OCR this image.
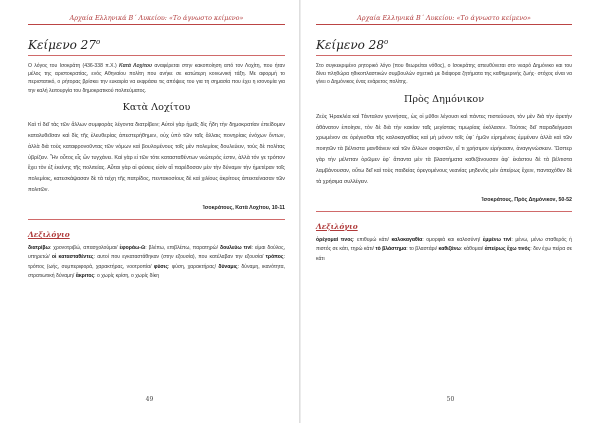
Αρχαία Ελληνικά Β΄ Λυκείου: «Το άγνωστο κείμενο»
Κείμενο $27^o$
Ο λόγος του Ισοκράτη (436-338 π.Χ.) Κατά Λοχίτου αναφέρεται στην κακοποίηση από τον Λοχίτη, που ήταν μέλος της αριστοκρατίας, ενός Αθηναίου πολίτη που ανήκε σε κατώτερη κοινωνική τάξη. Με αφορμή το περιστατικό, ο ρήτορας βρίσκει την ευκαιρία να εκφράσει τις απόψεις του για τη σημασία που έχει η ισονομία για την καλή λειτουργία του δημοκρατικού πολιτεύματος.
Κατὰ Λοχίτου
Καὶ τί δεῖ τὰς τῶν ἄλλων συμφορὰς λέγοντα διατρίβειν; Αὐτοὶ γὰρ ἡμεῖς δὶς ἤδη τὴν δημοκρατίαν ἐπείδομεν καταλυθεῖσαν καὶ δὶς τῆς ἐλευθερίας ἀπεστερήθημεν, οὐχ ὑπὸ τῶν ταῖς ἄλλαις πονηρίαις ἐνόχων ὄντων, ἀλλὰ διὰ τοὺς καταφρονοῦντας τῶν νόμων καὶ βουλομένους τοῖς μὲν πολεμίοις δουλεύειν, τοὺς δὲ πολίτας ὑβρίζειν. Ἦν οὗτος εἷς ὢν τυγχάνει. Καὶ γὰρ εἰ τῶν τότε κατασταθέντων νεώτερός ἐστιν, ἀλλὰ τόν γε τρόπον ἔχει τὸν ἐξ ἐκείνης τῆς πολιτείας. Αὗται γὰρ αἱ φύσεις εἰσὶν αἳ παρέδοσαν μὲν τὴν δύναμιν τὴν ἡμετέραν τοῖς πολεμίοις, κατεσκάψασαν δὲ τὰ τείχη τῆς πατρίδος, πεντακοσίους δὲ καὶ χιλίους ἀκρίτους ἀπεκτείνασαν τῶν πολιτῶν.
Ἰσοκράτους, Κατὰ Λοχίτου, 10-11
Λεξιλόγιο
διατρίβω: χρονοτριβώ, απασχολούμαι/ ἐφοράω-ῶ: βλέπω, επιβλέπω, παρατηρώ/ δουλεύω τινί: είμαι δούλος, υπηρετώ/ οἱ κατασταθέντες: αυτοί που εγκαταστάθηκαν (στην εξουσία), που κατέλαβαν την εξουσία/ τρόπος: τρόπος (ωής, συμπεριφορά, χαρακτήρας, νοοτροπία/ φύσις: φύση, χαρακτήρας/ δύναμις: δύναμη, ικανότητα, στρατιωτική δύναμη/ ἄκριτος: ο χωρίς κρίση, ο χωρίς δίκη
49
Αρχαία Ελληνικά Β΄ Λυκείου: «Το άγνωστο κείμενο»
Κείμενο $28^o$
Στο συγκεκριμένο ρητορικό λόγο (που θεωρείται νόθος), ο Ισοκράτης απευθύνεται στο νεαρό Δημόνικο και του δίνει πληθώρα ηθικοπλαστικών συμβουλών σχετικά με διάφορα ζητήματα της καθημερινής ζωής· στόχος είναι να γίνει ο Δημόνικος ένας ενάρετος πολίτης.
Πρὸς Δημόνικον
Ζεὺς Ἡρακλέα καὶ Τάνταλον γεννήσας, ὡς οἱ μῦθοι λέγουσι καὶ πάντες πιστεύουσι, τὸν μὲν διὰ τὴν ἀρετὴν ἀθάνατον ἐποίησε, τὸν δὲ διὰ τὴν κακίαν ταῖς μεγίσταις τιμωρίαις ἐκόλασεν. Τούτοις δεῖ παραδείγμασι χρωμένον σε ὀρέγεσθαι τῆς καλοκαγαθίας καὶ μὴ μόνον τοῖς ὑφ᾽ ἡμῶν εἰρημένοις ἐμμένειν ἀλλὰ καὶ τῶν ποιητῶν τὰ βέλτιστα μανθάνειν καὶ τῶν ἄλλων σοφιστῶν, εἴ τι χρήσιμον εἰρήκασιν, ἀναγιγνώσκειν. Ὥσπερ γὰρ τὴν μέλιτταν ὁρῶμεν ἐφ᾽ ἅπαντα μὲν τὰ βλαστήματα καθιζάνουσαν ἀφ᾽ ἑκάστου δὲ τὰ βέλτιστα λαμβάνουσαν, οὕτω δεῖ καὶ τοὺς παιδείας ὀρεγομένους νεανίας μηδενὸς μὲν ἀπείρως ἔχειν, πανταχόθεν δὲ τὰ χρήσιμα συλλέγειν.
Ἰσοκράτους, Πρὸς Δημόνικον, 50-52
Λεξιλόγιο
ὀρέγομαί τινος: επιθυμώ κάτι/ καλοκαγαθία: ομορφιά και καλοσύνη/ ἐμμένω τινί: μένω, μένω σταθερός ή πιστός σε κάτι, τηρώ κάτι/ τὸ βλάστημα: το βλαστάρι/ καθιζάνω: κάθομαι/ ἀπείρως ἔχω τινός: δεν έχω πείρα σε κάτι
50
